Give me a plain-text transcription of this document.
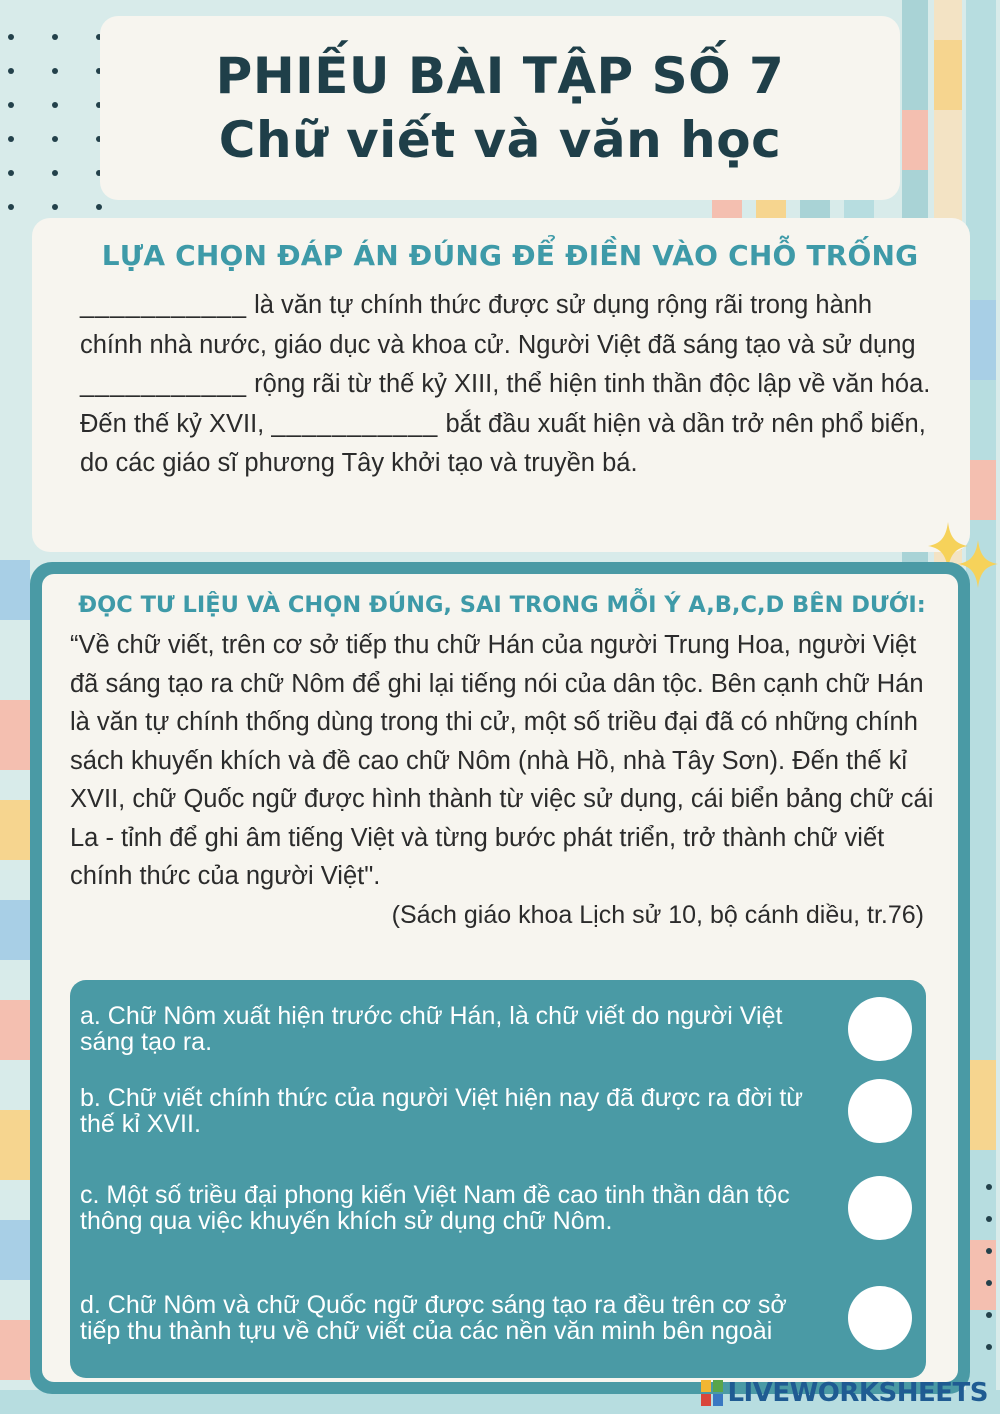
PHIẾU BÀI TẬP SỐ 7
Chữ viết và văn học
LỰA CHỌN ĐÁP ÁN ĐÚNG ĐỂ ĐIỀN VÀO CHỖ TRỐNG
___________ là văn tự chính thức được sử dụng rộng rãi trong hành chính nhà nước, giáo dục và khoa cử. Người Việt đã sáng tạo và sử dụng ___________ rộng rãi từ thế kỷ XIII, thể hiện tinh thần độc lập về văn hóa. Đến thế kỷ XVII, ___________ bắt đầu xuất hiện và dần trở nên phổ biến, do các giáo sĩ phương Tây khởi tạo và truyền bá.
ĐỌC TƯ LIỆU VÀ CHỌN ĐÚNG, SAI TRONG MỖI Ý A,B,C,D BÊN DƯỚI:
“Về chữ viết, trên cơ sở tiếp thu chữ Hán của người Trung Hoa, người Việt đã sáng tạo ra chữ Nôm để ghi lại tiếng nói của dân tộc. Bên cạnh chữ Hán là văn tự chính thống dùng trong thi cử, một số triều đại đã có những chính sách khuyến khích và đề cao chữ Nôm (nhà Hồ, nhà Tây Sơn). Đến thế kỉ XVII, chữ Quốc ngữ được hình thành từ việc sử dụng, cái biển bảng chữ cái La - tỉnh để ghi âm tiếng Việt và từng bước phát triển, trở thành chữ viết chính thức của người Việt".
(Sách giáo khoa Lịch sử 10, bộ cánh diều, tr.76)
a. Chữ Nôm xuất hiện trước chữ Hán, là chữ viết do người Việt sáng tạo ra.
b. Chữ viết chính thức của người Việt hiện nay đã được ra đời từ thế kỉ XVII.
c. Một số triều đại phong kiến Việt Nam đề cao tinh thần dân tộc thông qua việc khuyến khích sử dụng chữ Nôm.
d. Chữ Nôm và chữ Quốc ngữ được sáng tạo ra đều trên cơ sở tiếp thu thành tựu về chữ viết của các nền văn minh bên ngoài
LIVEWORKSHEETS
